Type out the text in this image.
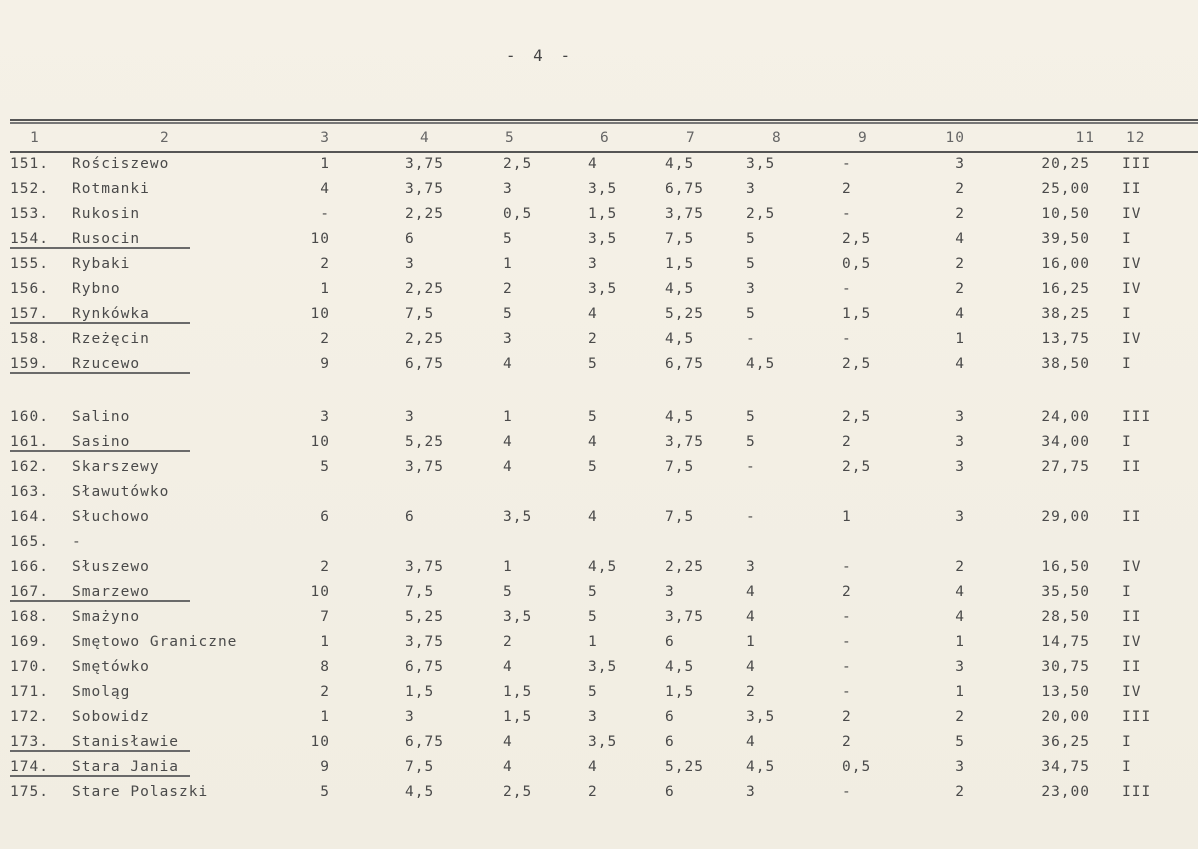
- 4 -
1	2	3	4	5	6	7	8	9	10	11 12
151.	Rościszewo	1	3,75	2,5	4	4,5	3,5	-	3	20,25 III
152.	Rotmanki	4	3,75	3	3,5	6,75	3	2	2	25,00 II
153.	Rukosin	-	2,25	0,5	1,5	3,75	2,5	-	2	10,50 IV
154.	Rusocin	10	6	5	3,5	7,5	5	2,5	4	39,50 I
155.	Rybaki	2	3	1	3	1,5	5	0,5	2	16,00 IV
156.	Rybno	1	2,25	2	3,5	4,5	3	-	2	16,25 IV
157.	Rynkówka	10	7,5	5	4	5,25	5	1,5	4	38,25 I
158.	Rzeżęcin	2	2,25	3	2	4,5	-	-	1	13,75 IV
159.	Rzucewo	9	6,75	4	5	6,75	4,5	2,5	4	38,50 I
160.	Salino	3	3	1	5	4,5	5	2,5	3	24,00 III
161.	Sasino	10	5,25	4	4	3,75	5	2	3	34,00 I
162.	Skarszewy	5	3,75	4	5	7,5	-	2,5	3	27,75 II
163.	Sławutówko
164.	Słuchowo	6	6	3,5	4	7,5	-	1	3	29,00 II
165.	-
166.	Słuszewo	2	3,75	1	4,5	2,25	3	-	2	16,50 IV
167.	Smarzewo	10	7,5	5	5	3	4	2	4	35,50 I
168.	Smażyno	7	5,25	3,5	5	3,75	4	-	4	28,50 II
169.	Smętowo Graniczne	1	3,75	2	1	6	1	-	1	14,75 IV
170.	Smętówko	8	6,75	4	3,5	4,5	4	-	3	30,75 II
171.	Smoląg	2	1,5	1,5	5	1,5	2	-	1	13,50 IV
172.	Sobowidz	1	3	1,5	3	6	3,5	2	2	20,00 III
173.	Stanisławie	10	6,75	4	3,5	6	4	2	5	36,25 I
174.	Stara Jania	9	7,5	4	4	5,25	4,5	0,5	3	34,75 I
175.	Stare Polaszki	5	4,5	2,5	2	6	3	-	2	23,00 III
